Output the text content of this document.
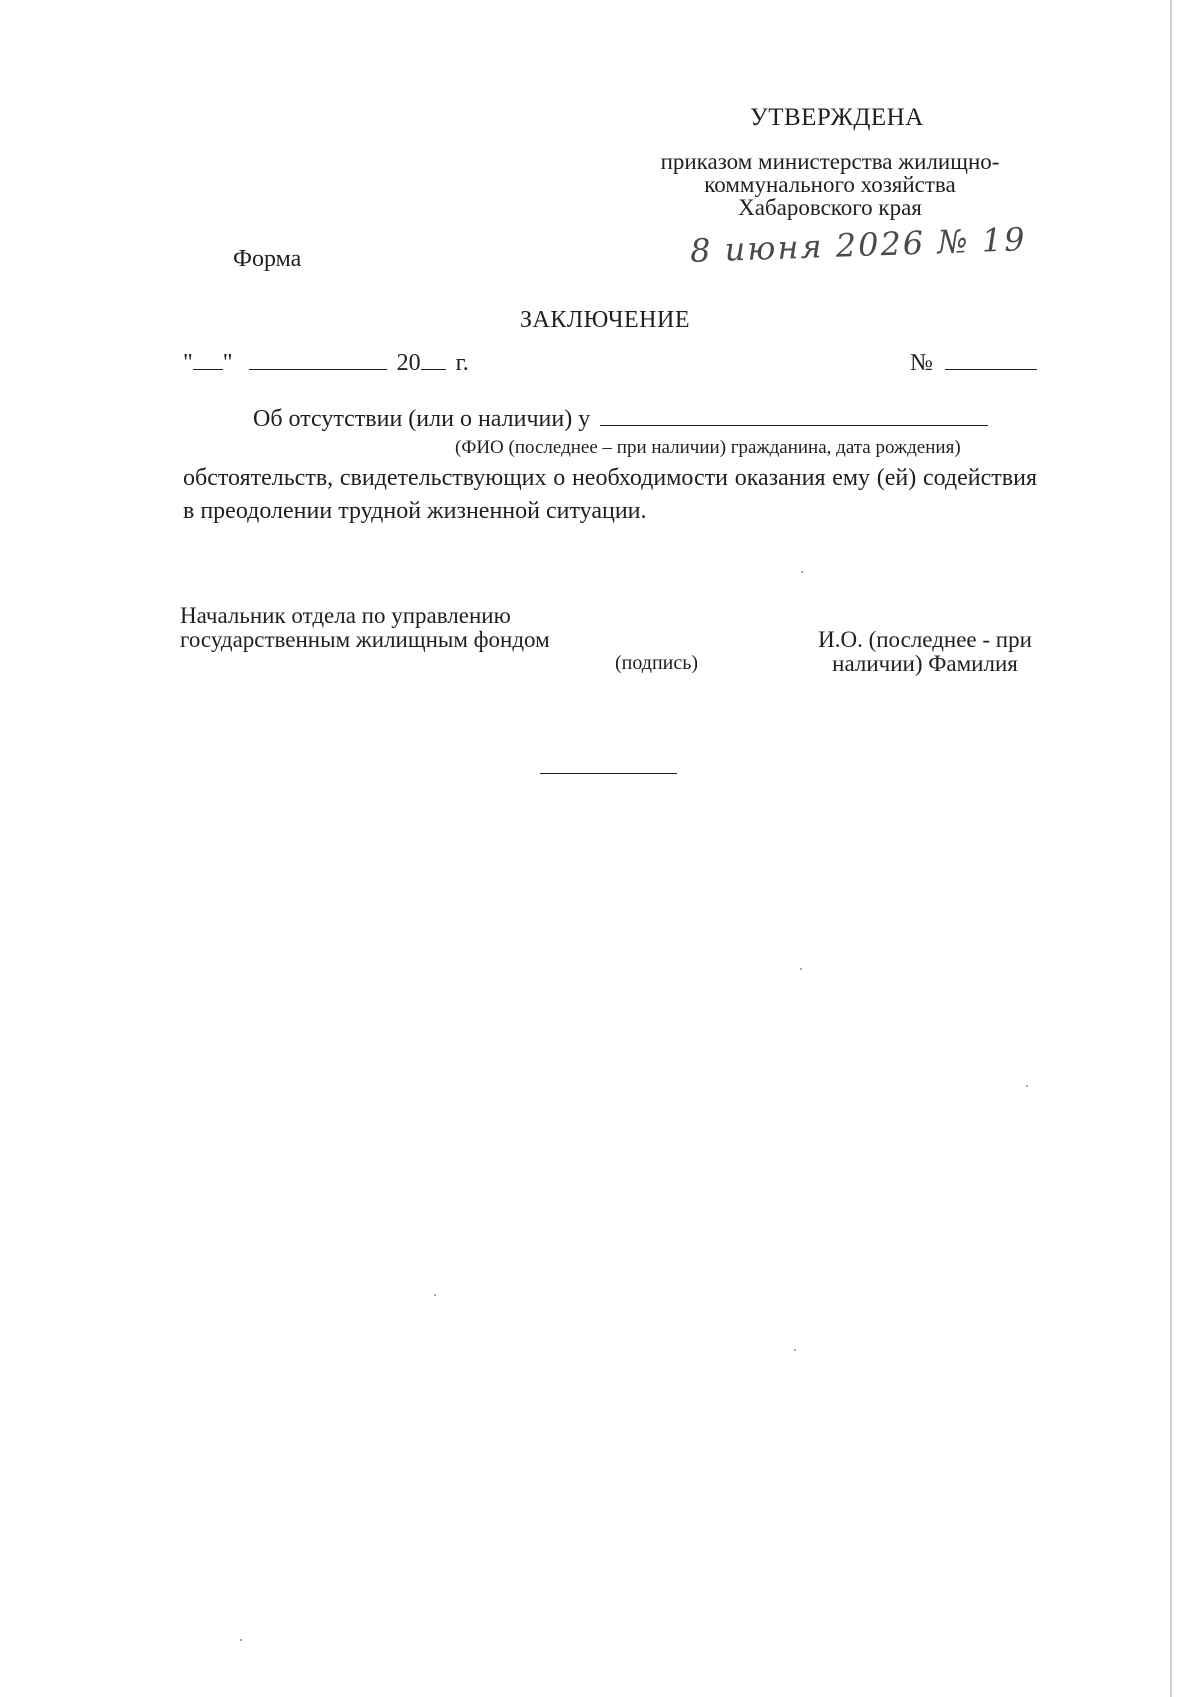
УТВЕРЖДЕНА
приказом министерства жилищно-
коммунального хозяйства
Хабаровского края
8 июня 2026 № 19
Форма
ЗАКЛЮЧЕНИЕ
" "	20 г.	№
Об отсутствии (или о наличии) у
(ФИО (последнее – при наличии) гражданина, дата рождения)
обстоятельств, свидетельствующих о необходимости оказания ему (ей) содействия в преодолении трудной жизненной ситуации.
Начальник отдела по управлению
государственным жилищным фондом
(подпись)
И.О. (последнее - при
наличии) Фамилия
